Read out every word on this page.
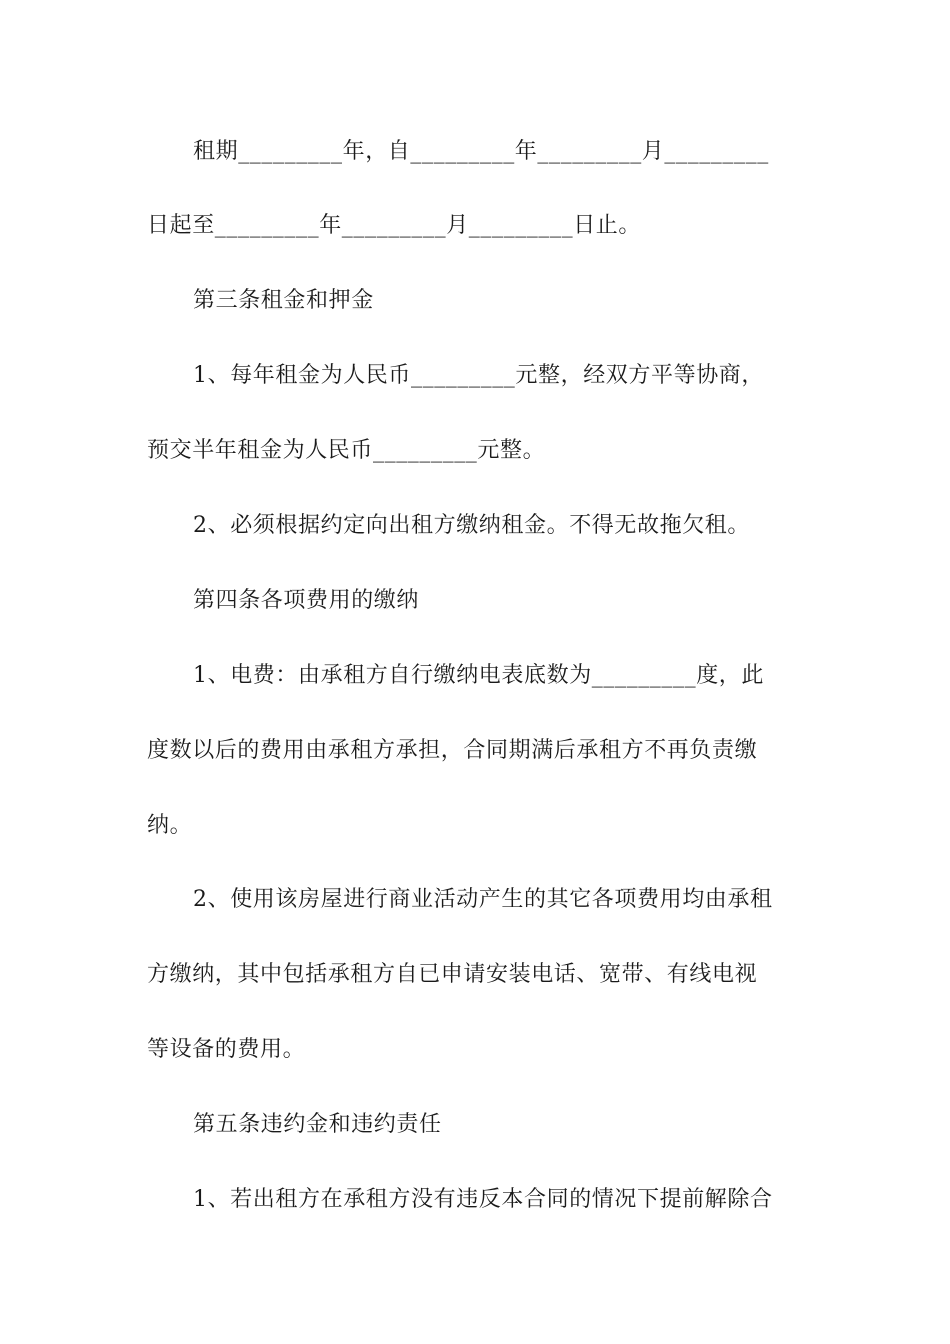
租期_________年，自_________年_________月_________
日起至_________年_________月_________日止。
第三条租金和押金
1、每年租金为人民币_________元整，经双方平等协商，
预交半年租金为人民币_________元整。
2、必须根据约定向出租方缴纳租金。不得无故拖欠租。
第四条各项费用的缴纳
1、电费：由承租方自行缴纳电表底数为_________度，此
度数以后的费用由承租方承担，合同期满后承租方不再负责缴
纳。
2、使用该房屋进行商业活动产生的其它各项费用均由承租
方缴纳，其中包括承租方自已申请安装电话、宽带、有线电视
等设备的费用。
第五条违约金和违约责任
1、若出租方在承租方没有违反本合同的情况下提前解除合
